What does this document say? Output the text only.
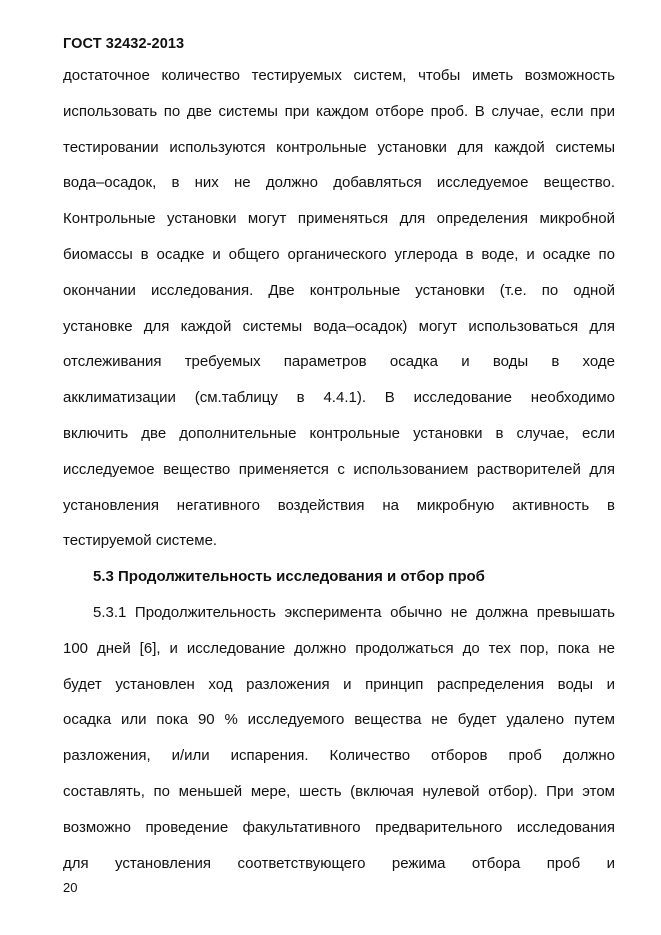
ГОСТ 32432-2013
достаточное количество тестируемых систем, чтобы иметь возможность
использовать по две системы при каждом отборе проб. В случае, если при
тестировании используются контрольные установки для каждой системы
вода–осадок, в них не должно добавляться исследуемое вещество.
Контрольные установки могут применяться для определения микробной
биомассы в осадке и общего органического углерода в воде, и осадке по
окончании исследования. Две контрольные установки (т.е. по одной
установке для каждой системы вода–осадок) могут использоваться для
отслеживания требуемых параметров осадка и воды в ходе
акклиматизации (см.таблицу в 4.4.1). В исследование необходимо
включить две дополнительные контрольные установки в случае, если
исследуемое вещество применяется с использованием растворителей для
установления негативного воздействия на микробную активность в
тестируемой системе.
5.3 Продолжительность исследования и отбор проб
5.3.1 Продолжительность эксперимента обычно не должна превышать
100 дней [6], и исследование должно продолжаться до тех пор, пока не
будет установлен ход разложения и принцип распределения воды и
осадка или пока 90 % исследуемого вещества не будет удалено путем
разложения, и/или испарения. Количество отборов проб должно
составлять, по меньшей мере, шесть (включая нулевой отбор). При этом
возможно проведение факультативного предварительного исследования
для установления соответствующего режима отбора проб и
20
